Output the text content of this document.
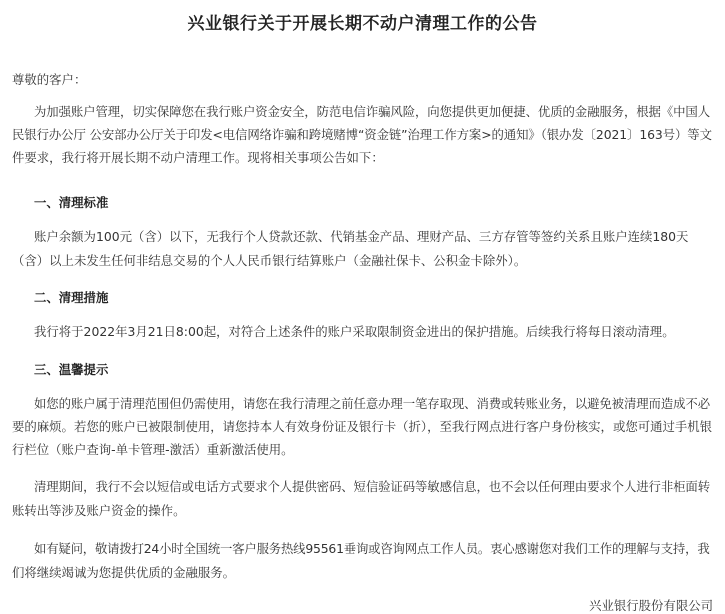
兴业银行关于开展长期不动户清理工作的公告
尊敬的客户：
为加强账户管理，切实保障您在我行账户资金安全，防范电信诈骗风险，向您提供更加便捷、优质的金融服务，根据《中国人
民银行办公厅 公安部办公厅关于印发<电信网络诈骗和跨境赌博“资金链”治理工作方案>的通知》（银办发〔2021〕163号）等文
件要求，我行将开展长期不动户清理工作。现将相关事项公告如下：
一、清理标准
账户余额为100元（含）以下，无我行个人贷款还款、代销基金产品、理财产品、三方存管等签约关系且账户连续180天
（含）以上未发生任何非结息交易的个人人民币银行结算账户（金融社保卡、公积金卡除外）。
二、清理措施
我行将于2022年3月21日8:00起，对符合上述条件的账户采取限制资金进出的保护措施。后续我行将每日滚动清理。
三、温馨提示
如您的账户属于清理范围但仍需使用，请您在我行清理之前任意办理一笔存取现、消费或转账业务，以避免被清理而造成不必
要的麻烦。若您的账户已被限制使用，请您持本人有效身份证及银行卡（折），至我行网点进行客户身份核实，或您可通过手机银
行栏位（账户查询-单卡管理-激活）重新激活使用。
清理期间，我行不会以短信或电话方式要求个人提供密码、短信验证码等敏感信息，也不会以任何理由要求个人进行非柜面转
账转出等涉及账户资金的操作。
如有疑问，敬请拨打24小时全国统一客户服务热线95561垂询或咨询网点工作人员。衷心感谢您对我们工作的理解与支持，我
们将继续竭诚为您提供优质的金融服务。
兴业银行股份有限公司
